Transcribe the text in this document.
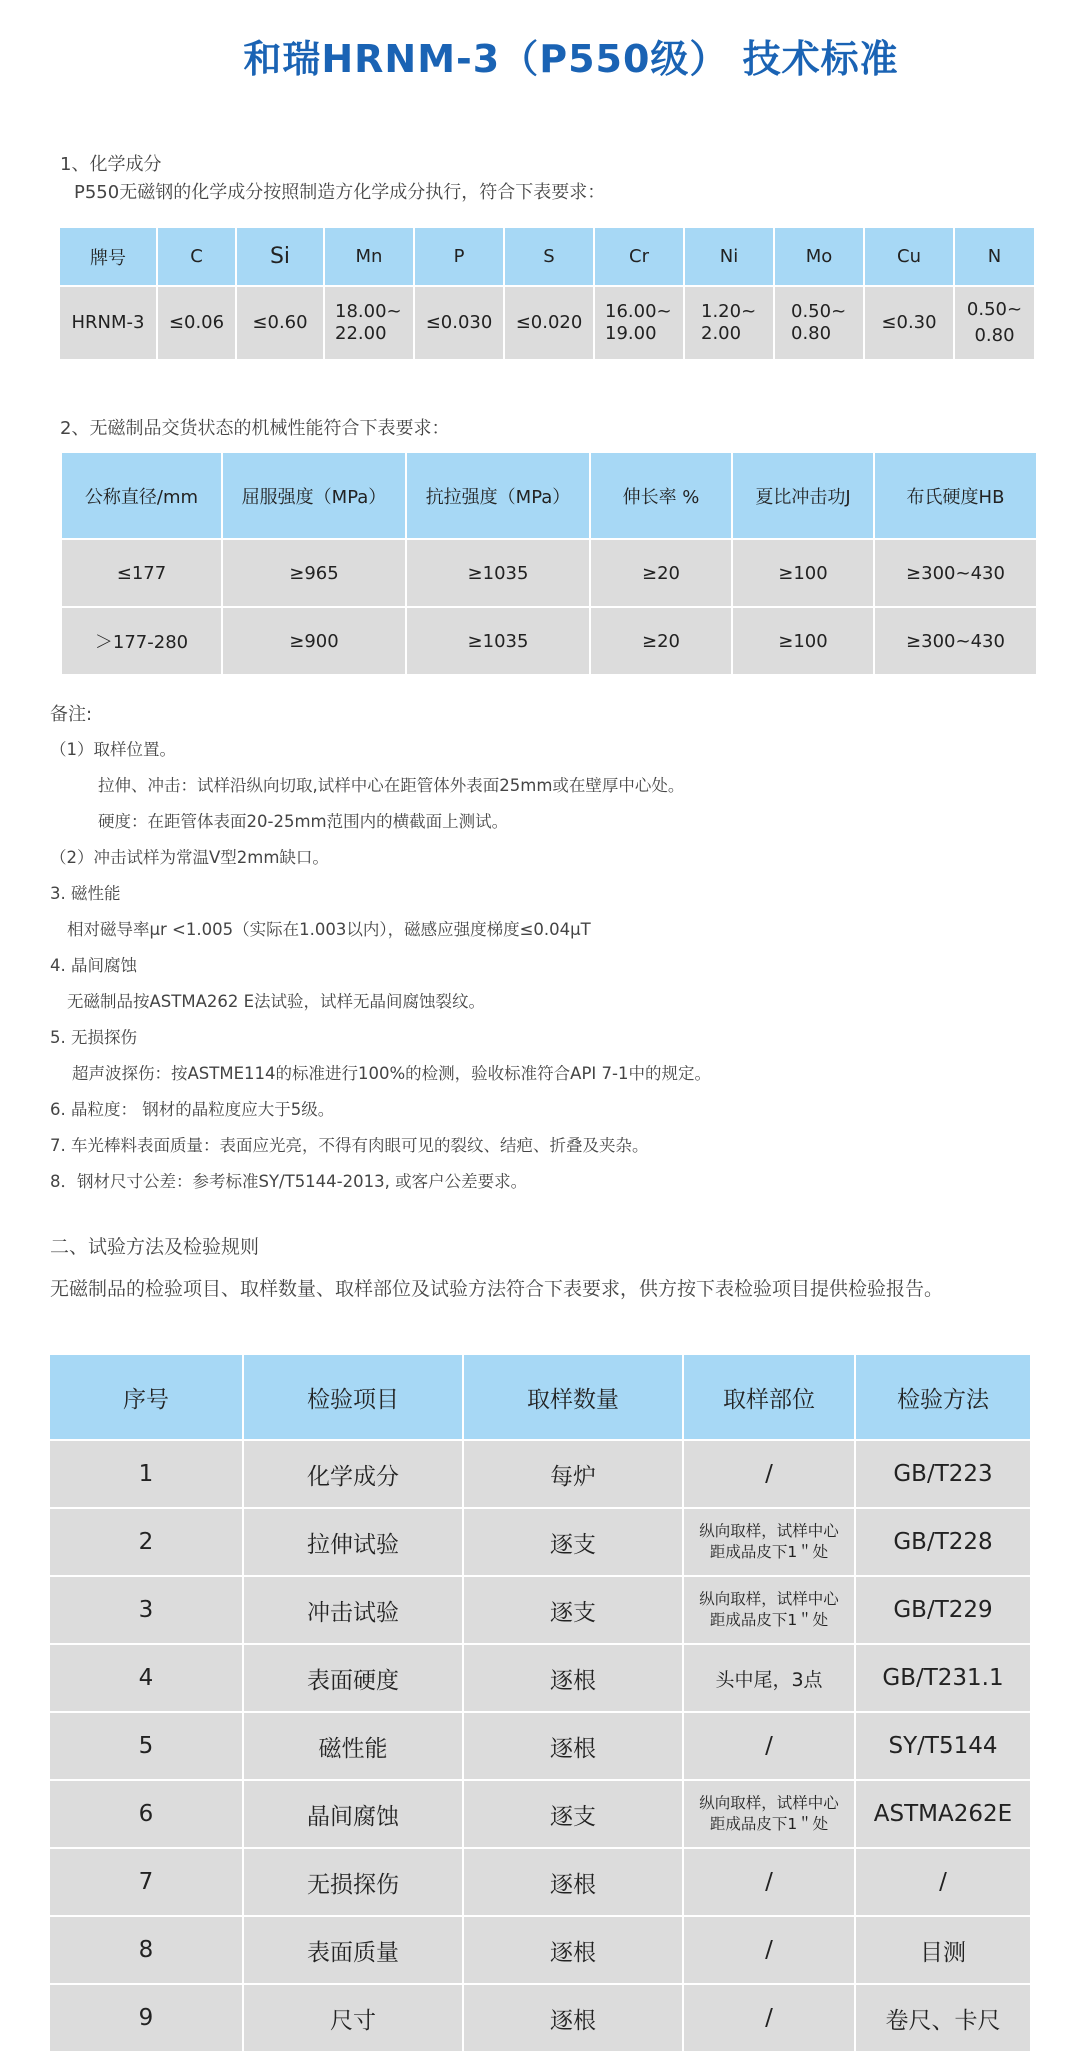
和瑞HRNM-3（P550级） 技术标准
1、化学成分
P550无磁钢的化学成分按照制造方化学成分执行，符合下表要求：
牌号	C	Si	Mn	P	S	Cr	Ni	Mo	Cu	N
HRNM-3	≤0.06	≤0.60	18.00~
22.00	≤0.030	≤0.020	16.00~
19.00	1.20~
2.00	0.50~
0.80	≤0.30	0.50~
0.80
2、无磁制品交货状态的机械性能符合下表要求：
公称直径/mm	屈服强度（MPa）	抗拉强度（MPa）	伸长率 %	夏比冲击功J	布氏硬度HB
≤177	≥965	≥1035	≥20	≥100	≥300~430
＞177-280	≥900	≥1035	≥20	≥100	≥300~430
备注:
（1）取样位置。
拉伸、冲击：试样沿纵向切取,试样中心在距管体外表面25mm或在壁厚中心处。
硬度：在距管体表面20-25mm范围内的横截面上测试。
（2）冲击试样为常温V型2mm缺口。
3. 磁性能
相对磁导率μr <1.005（实际在1.003以内），磁感应强度梯度≤0.04μT
4. 晶间腐蚀
无磁制品按ASTMA262 E法试验，试样无晶间腐蚀裂纹。
5. 无损探伤
超声波探伤：按ASTME114的标准进行100%的检测，验收标准符合API 7-1中的规定。
6. 晶粒度： 钢材的晶粒度应大于5级。
7. 车光棒料表面质量：表面应光亮，不得有肉眼可见的裂纹、结疤、折叠及夹杂。
8．钢材尺寸公差：参考标准SY/T5144-2013, 或客户公差要求。
二、试验方法及检验规则
无磁制品的检验项目、取样数量、取样部位及试验方法符合下表要求，供方按下表检验项目提供检验报告。
序号	检验项目	取样数量	取样部位	检验方法
1	化学成分	每炉	/	GB/T223
2	拉伸试验	逐支	纵向取样，试样中心
距成品皮下1＂处	GB/T228
3	冲击试验	逐支	纵向取样，试样中心
距成品皮下1＂处	GB/T229
4	表面硬度	逐根	头中尾，3点	GB/T231.1
5	磁性能	逐根	/	SY/T5144
6	晶间腐蚀	逐支	纵向取样，试样中心
距成品皮下1＂处	ASTMA262E
7	无损探伤	逐根	/	/
8	表面质量	逐根	/	目测
9	尺寸	逐根	/	卷尺、卡尺
